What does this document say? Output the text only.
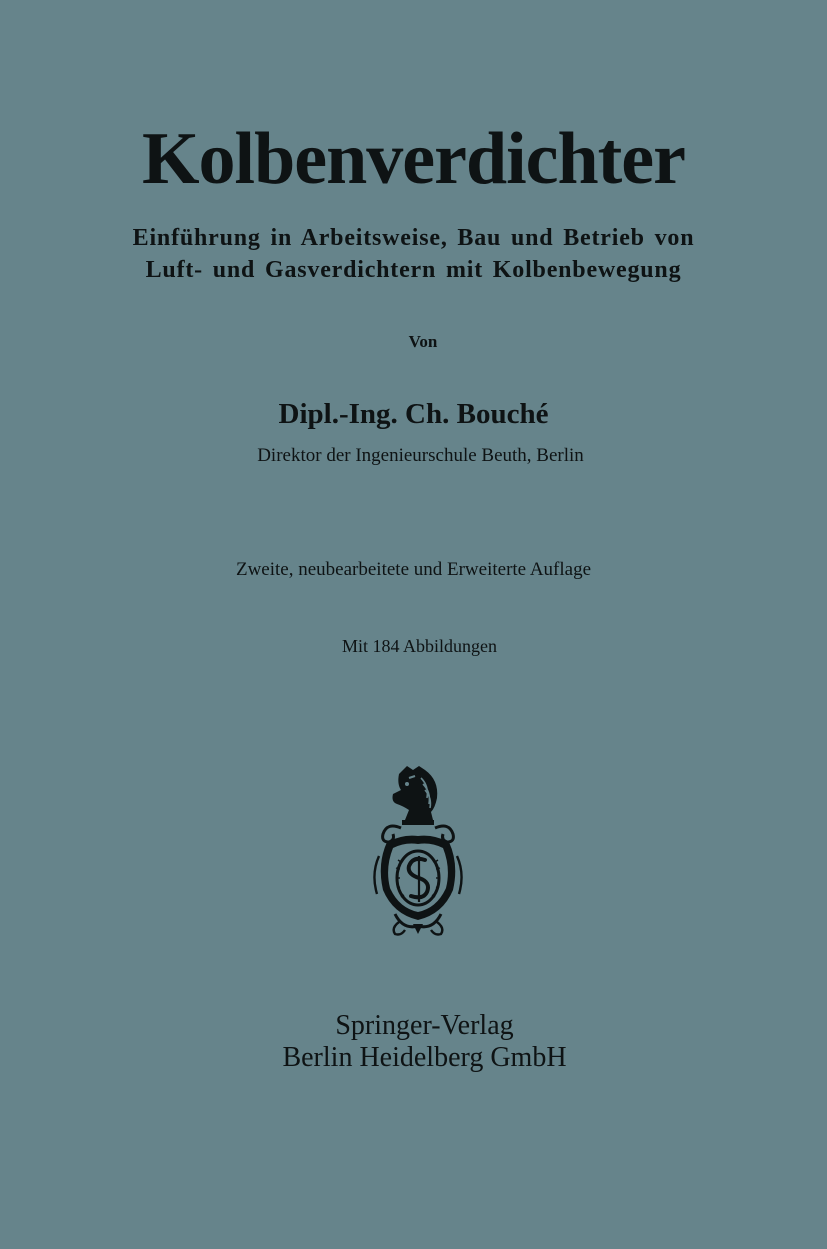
Kolbenverdichter
Einführung in Arbeitsweise, Bau und Betrieb von
Luft- und Gasverdichtern mit Kolbenbewegung
Von
Dipl.-Ing. Ch. Bouché
Direktor der Ingenieurschule Beuth, Berlin
Zweite, neubearbeitete und Erweiterte Auflage
Mit 184 Abbildungen
Springer-Verlag
Berlin Heidelberg GmbH
